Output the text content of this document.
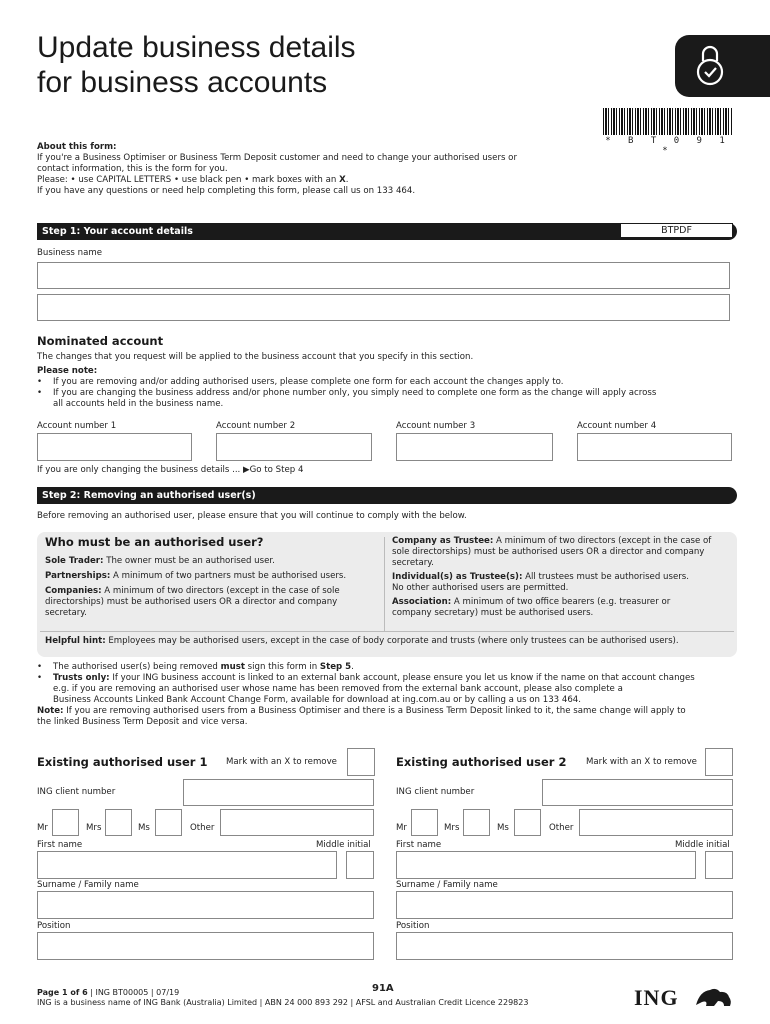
Update business details
for business accounts
* B T 0 9 1 *
About this form:
If you're a Business Optimiser or Business Term Deposit customer and need to change your authorised users or
contact information, this is the form for you.
Please: • use CAPITAL LETTERS • use black pen • mark boxes with an X.
If you have any questions or need help completing this form, please call us on 133 464.
Step 1: Your account details	BTPDF
Business name
Nominated account
The changes that you request will be applied to the business account that you specify in this section.
Please note:
• If you are removing and/or adding authorised users, please complete one form for each account the changes apply to.
• If you are changing the business address and/or phone number only, you simply need to complete one form as the change will apply across
all accounts held in the business name.
Account number 1	Account number 2	Account number 3	Account number 4
If you are only changing the business details ... ▶Go to Step 4
Step 2: Removing an authorised user(s)
Before removing an authorised user, please ensure that you will continue to comply with the below.
Who must be an authorised user?
Sole Trader: The owner must be an authorised user.
Partnerships: A minimum of two partners must be authorised users.
Companies: A minimum of two directors (except in the case of sole
directorships) must be authorised users OR a director and company
secretary.
Company as Trustee: A minimum of two directors (except in the case of
sole directorships) must be authorised users OR a director and company
secretary.
Individual(s) as Trustee(s): All trustees must be authorised users.
No other authorised users are permitted.
Association: A minimum of two office bearers (e.g. treasurer or
company secretary) must be authorised users.
Helpful hint: Employees may be authorised users, except in the case of body corporate and trusts (where only trustees can be authorised users).
• The authorised user(s) being removed must sign this form in Step 5.
• Trusts only: If your ING business account is linked to an external bank account, please ensure you let us know if the name on that account changes
e.g. if you are removing an authorised user whose name has been removed from the external bank account, please also complete a
Business Accounts Linked Bank Account Change Form, available for download at ing.com.au or by calling a us on 133 464.
Note: If you are removing authorised users from a Business Optimiser and there is a Business Term Deposit linked to it, the same change will apply to
the linked Business Term Deposit and vice versa.
Existing authorised user 1 Mark with an X to remove
ING client number
Mr	Mrs	Ms	Other
First name	Middle initial
Surname / Family name
Position
Existing authorised user 2 Mark with an X to remove
ING client number
Mr	Mrs	Ms	Other
First name	Middle initial
Surname / Family name
Position
Page 1 of 6 | ING BT00005 | 07/19	91A
ING is a business name of ING Bank (Australia) Limited | ABN 24 000 893 292 | AFSL and Australian Credit Licence 229823	ING
